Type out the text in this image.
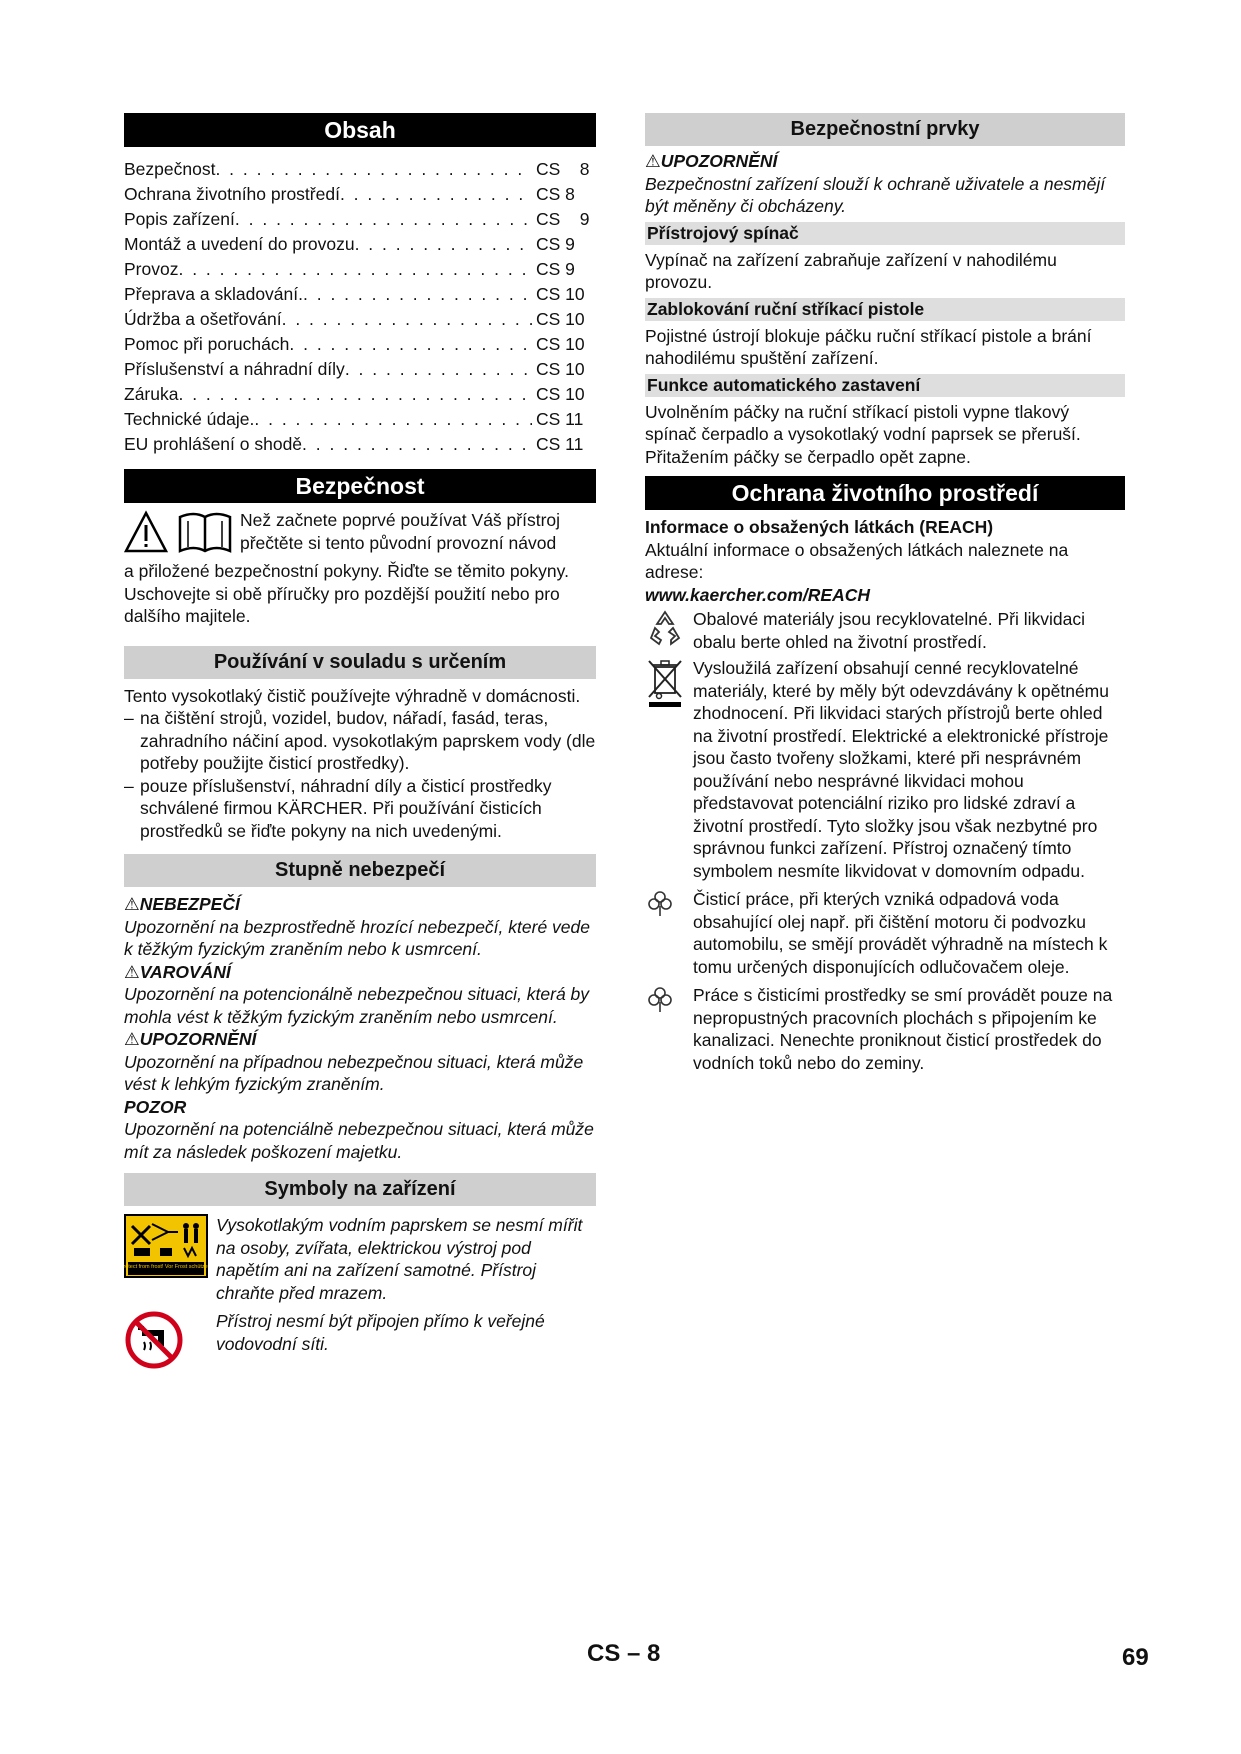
Obsah
Bezpečnost . . .	CS    8
Ochrana životního prostředí . . .	CS 8
Popis zařízení . . .	CS    9
Montáž a uvedení do provozu . . .	CS 9
Provoz . . .	CS 9
Přeprava a skladování. . . .	CS 10
Údržba a ošetřování . . .	CS 10
Pomoc při poruchách . . .	CS 10
Příslušenství a náhradní díly . . .	CS 10
Záruka . . .	CS 10
Technické údaje. . . .	CS 11
EU prohlášení o shodě . . .	CS 11
Bezpečnost
Než začnete poprvé používat Váš přístroj přečtěte si tento původní provozní návod
a přiložené bezpečnostní pokyny. Řiďte se těmito pokyny. Uschovejte si obě příručky pro pozdější použití nebo pro dalšího majitele.
Používání v souladu s určením
Tento vysokotlaký čistič používejte výhradně v domácnosti.
– na čištění strojů, vozidel, budov, nářadí, fasád, teras, zahradního náčiní apod. vysokotlakým paprskem vody (dle potřeby použijte čisticí prostředky).
– pouze příslušenství, náhradní díly a čisticí prostředky schválené firmou KÄRCHER. Při používání čisticích prostředků se řiďte pokyny na nich uvedenými.
Stupně nebezpečí
⚠NEBEZPEČÍ
Upozornění na bezprostředně hrozící nebezpečí, které vede k těžkým fyzickým zraněním nebo k usmrcení.
⚠VAROVÁNÍ
Upozornění na potencionálně nebezpečnou situaci, která by mohla vést k těžkým fyzickým zraněním nebo usmrcení.
⚠UPOZORNĚNÍ
Upozornění na případnou nebezpečnou situaci, která může vést k lehkým fyzickým zraněním.
POZOR
Upozornění na potenciálně nebezpečnou situaci, která může mít za následek poškození majetku.
Symboly na zařízení
Protect from frost! Vor Frost schützen!
Vysokotlakým vodním paprskem se nesmí mířit na osoby, zvířata, elektrickou výstroj pod napětím ani na zařízení samotné. Přístroj chraňte před mrazem.
Přístroj nesmí být připojen přímo k veřejné vodovodní síti.
Bezpečnostní prvky
⚠UPOZORNĚNÍ
Bezpečnostní zařízení slouží k ochraně uživatele a nesmějí být měněny či obcházeny.
Přístrojový spínač
Vypínač na zařízení zabraňuje zařízení v nahodilému provozu.
Zablokování ruční stříkací pistole
Pojistné ústrojí blokuje páčku ruční stříkací pistole a brání nahodilému spuštění zařízení.
Funkce automatického zastavení
Uvolněním páčky na ruční stříkací pistoli vypne tlakový spínač čerpadlo a vysokotlaký vodní paprsek se přeruší. Přitažením páčky se čerpadlo opět zapne.
Ochrana životního prostředí
Informace o obsažených látkách (REACH)
Aktuální informace o obsažených látkách naleznete na adrese:
www.kaercher.com/REACH
Obalové materiály jsou recyklovatelné. Při likvidaci obalu berte ohled na životní prostředí.
Vysloužilá zařízení obsahují cenné recyklovatelné materiály, které by měly být odevzdávány k opětnému zhodnocení. Při likvidaci starých přístrojů berte ohled na životní prostředí. Elektrické a elektronické přístroje jsou často tvořeny složkami, které při nesprávném používání nebo nesprávné likvidaci mohou představovat potenciální riziko pro lidské zdraví a životní prostředí. Tyto složky jsou však nezbytné pro správnou funkci zařízení. Přístroj označený tímto symbolem nesmíte likvidovat v domovním odpadu.
Čisticí práce, při kterých vzniká odpadová voda obsahující olej např. při čištění motoru či podvozku automobilu, se smějí provádět výhradně na místech k tomu určených disponujících odlučovačem oleje.
Práce s čisticími prostředky se smí provádět pouze na nepropustných pracovních plochách s připojením ke kanalizaci. Nenechte proniknout čisticí prostředek do vodních toků nebo do zeminy.
CS – 8	69
